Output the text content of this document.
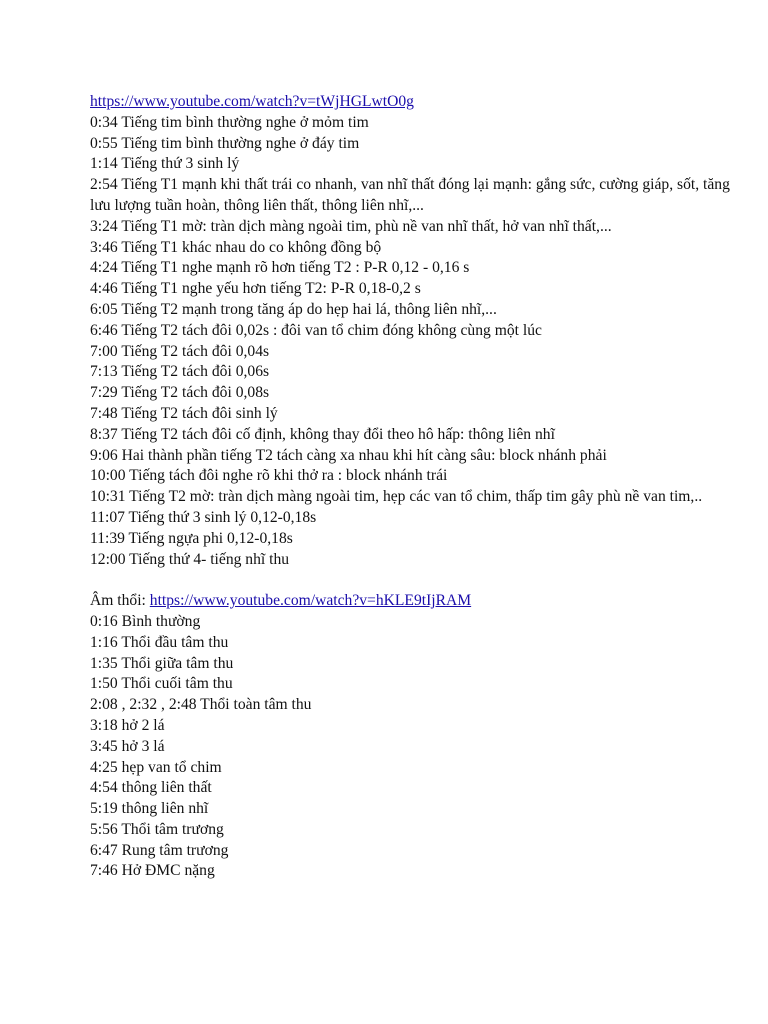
https://www.youtube.com/watch?v=tWjHGLwtO0g
0:34 Tiếng tim bình thường nghe ở mỏm tim
0:55 Tiếng tim bình thường nghe ở đáy tim
1:14 Tiếng thứ 3 sinh lý
2:54 Tiếng T1 mạnh khi thất trái co nhanh, van nhĩ thất đóng lại mạnh: gắng sức, cường giáp, sốt, tăng lưu lượng tuần hoàn, thông liên thất, thông liên nhĩ,...
3:24 Tiếng T1 mờ: tràn dịch màng ngoài tim, phù nề van nhĩ thất, hở van nhĩ thất,...
3:46 Tiếng T1 khác nhau do co không đồng bộ
4:24 Tiếng T1 nghe mạnh rõ hơn tiếng T2 : P-R 0,12 - 0,16 s
4:46 Tiếng T1 nghe yếu hơn tiếng T2: P-R 0,18-0,2 s
6:05 Tiếng T2 mạnh trong tăng áp do hẹp hai lá, thông liên nhĩ,...
6:46 Tiếng T2 tách đôi 0,02s : đôi van tổ chim đóng không cùng một lúc
7:00 Tiếng T2 tách đôi 0,04s
7:13 Tiếng T2 tách đôi 0,06s
7:29 Tiếng T2 tách đôi 0,08s
7:48 Tiếng T2 tách đôi sinh lý
8:37 Tiếng T2 tách đôi cố định, không thay đổi theo hô hấp: thông liên nhĩ
9:06 Hai thành phần tiếng T2 tách càng xa nhau khi hít càng sâu: block nhánh phải
10:00 Tiếng tách đôi nghe rõ khi thở ra : block nhánh trái
10:31 Tiếng T2 mờ: tràn dịch màng ngoài tim, hẹp các van tổ chim, thấp tim gây phù nề van tim,..
11:07 Tiếng thứ 3 sinh lý 0,12-0,18s
11:39 Tiếng ngựa phi 0,12-0,18s
12:00 Tiếng thứ 4- tiếng nhĩ thu
Âm thổi: https://www.youtube.com/watch?v=hKLE9tIjRAM
0:16 Bình thường
1:16 Thổi đầu tâm thu
1:35 Thổi giữa tâm thu
1:50 Thổi cuối tâm thu
2:08 , 2:32 , 2:48 Thổi toàn tâm thu
3:18 hở 2 lá
3:45 hở 3 lá
4:25 hẹp van tổ chim
4:54 thông liên thất
5:19 thông liên nhĩ
5:56 Thổi tâm trương
6:47 Rung tâm trương
7:46 Hở ĐMC nặng
